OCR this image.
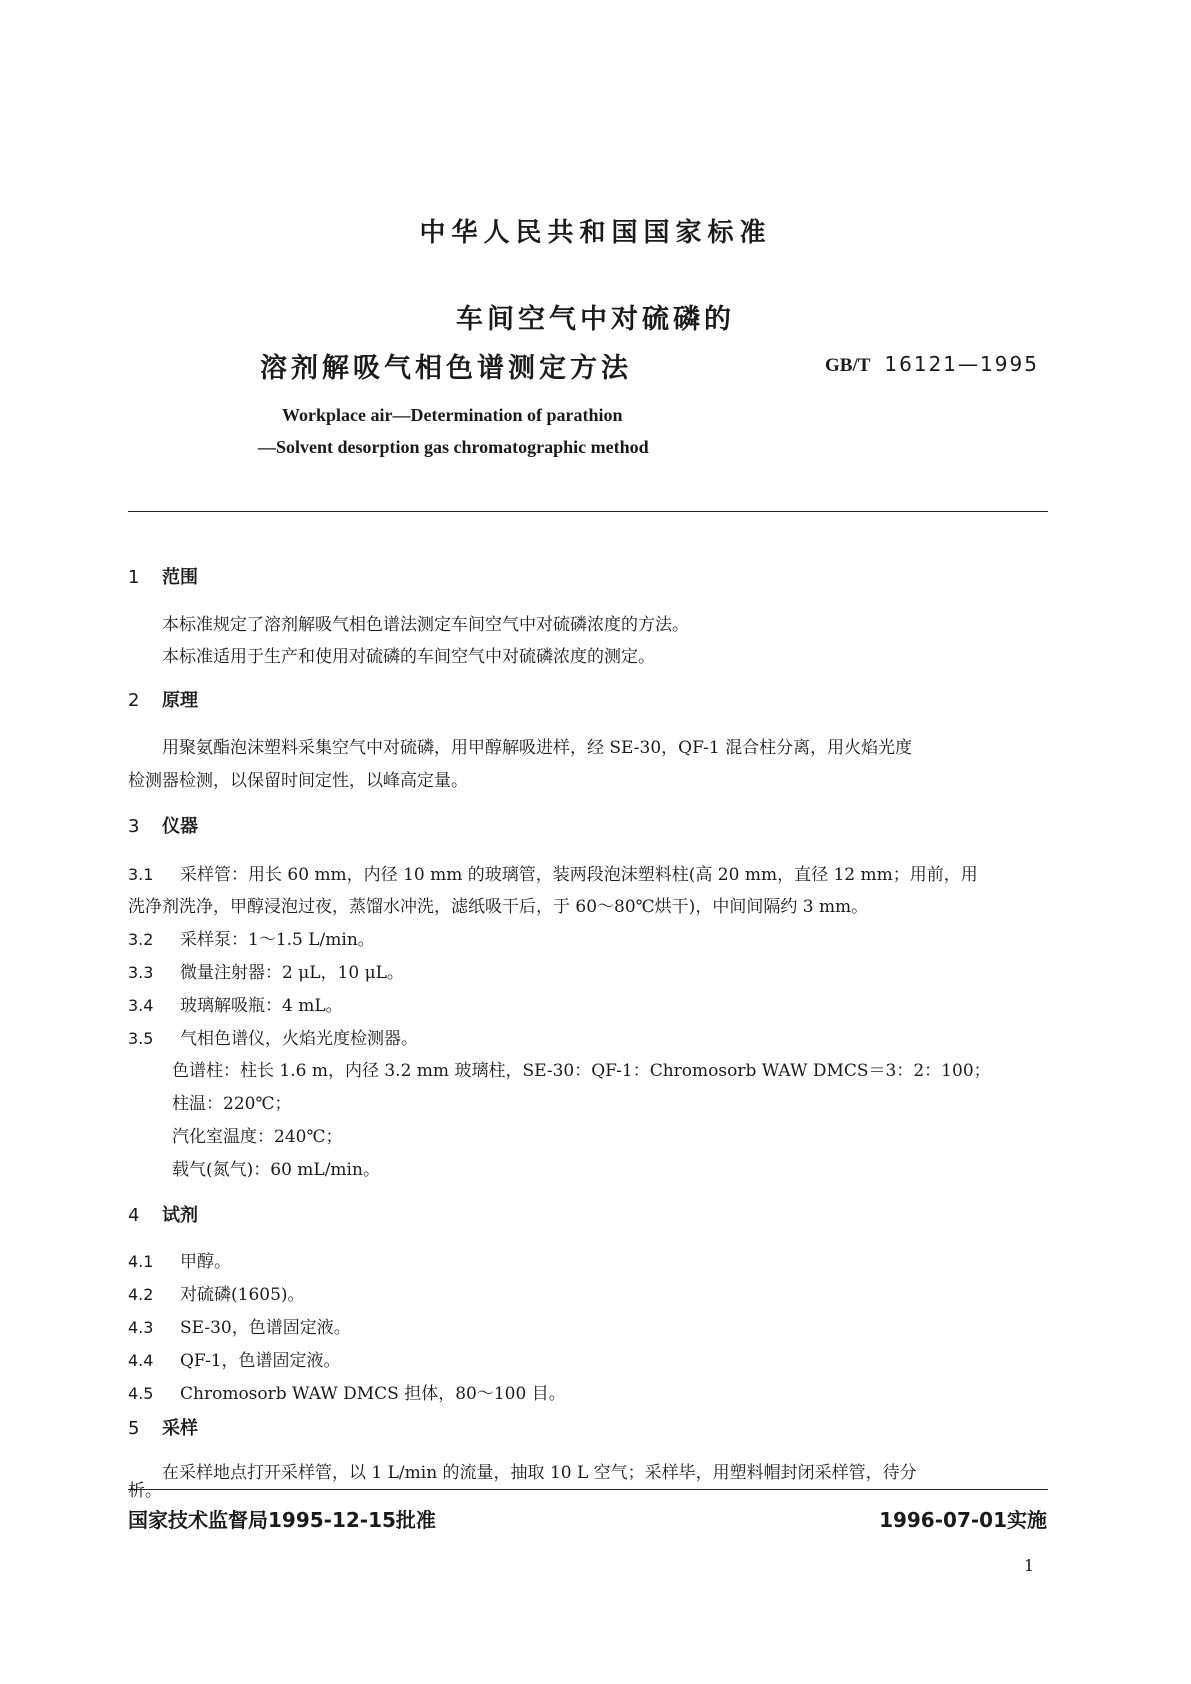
中华人民共和国国家标准
车间空气中对硫磷的
溶剂解吸气相色谱测定方法	GB/T 16121—1995
Workplace air—Determination of parathion
—Solvent desorption gas chromatographic method
1 范围
本标准规定了溶剂解吸气相色谱法测定车间空气中对硫磷浓度的方法。
本标准适用于生产和使用对硫磷的车间空气中对硫磷浓度的测定。
2 原理
用聚氨酯泡沫塑料采集空气中对硫磷，用甲醇解吸进样，经 SE-30，QF-1 混合柱分离，用火焰光度
检测器检测，以保留时间定性，以峰高定量。
3 仪器
3.1 采样管：用长 60 mm，内径 10 mm 的玻璃管，装两段泡沫塑料柱(高 20 mm，直径 12 mm；用前，用
洗净剂洗净，甲醇浸泡过夜，蒸馏水冲洗，滤纸吸干后，于 60～80℃烘干)，中间间隔约 3 mm。
3.2 采样泵：1～1.5 L/min。
3.3 微量注射器：2 μL，10 μL。
3.4 玻璃解吸瓶：4 mL。
3.5 气相色谱仪，火焰光度检测器。
色谱柱：柱长 1.6 m，内径 3.2 mm 玻璃柱，SE-30：QF-1：Chromosorb WAW DMCS＝3：2：100；
柱温：220℃；
汽化室温度：240℃；
载气(氮气)：60 mL/min。
4 试剂
4.1 甲醇。
4.2 对硫磷(1605)。
4.3 SE-30，色谱固定液。
4.4 QF-1，色谱固定液。
4.5 Chromosorb WAW DMCS 担体，80～100 目。
5 采样
在采样地点打开采样管，以 1 L/min 的流量，抽取 10 L 空气；采样毕，用塑料帽封闭采样管，待分
析。
国家技术监督局1995-12-15批准	1996-07-01实施
1
